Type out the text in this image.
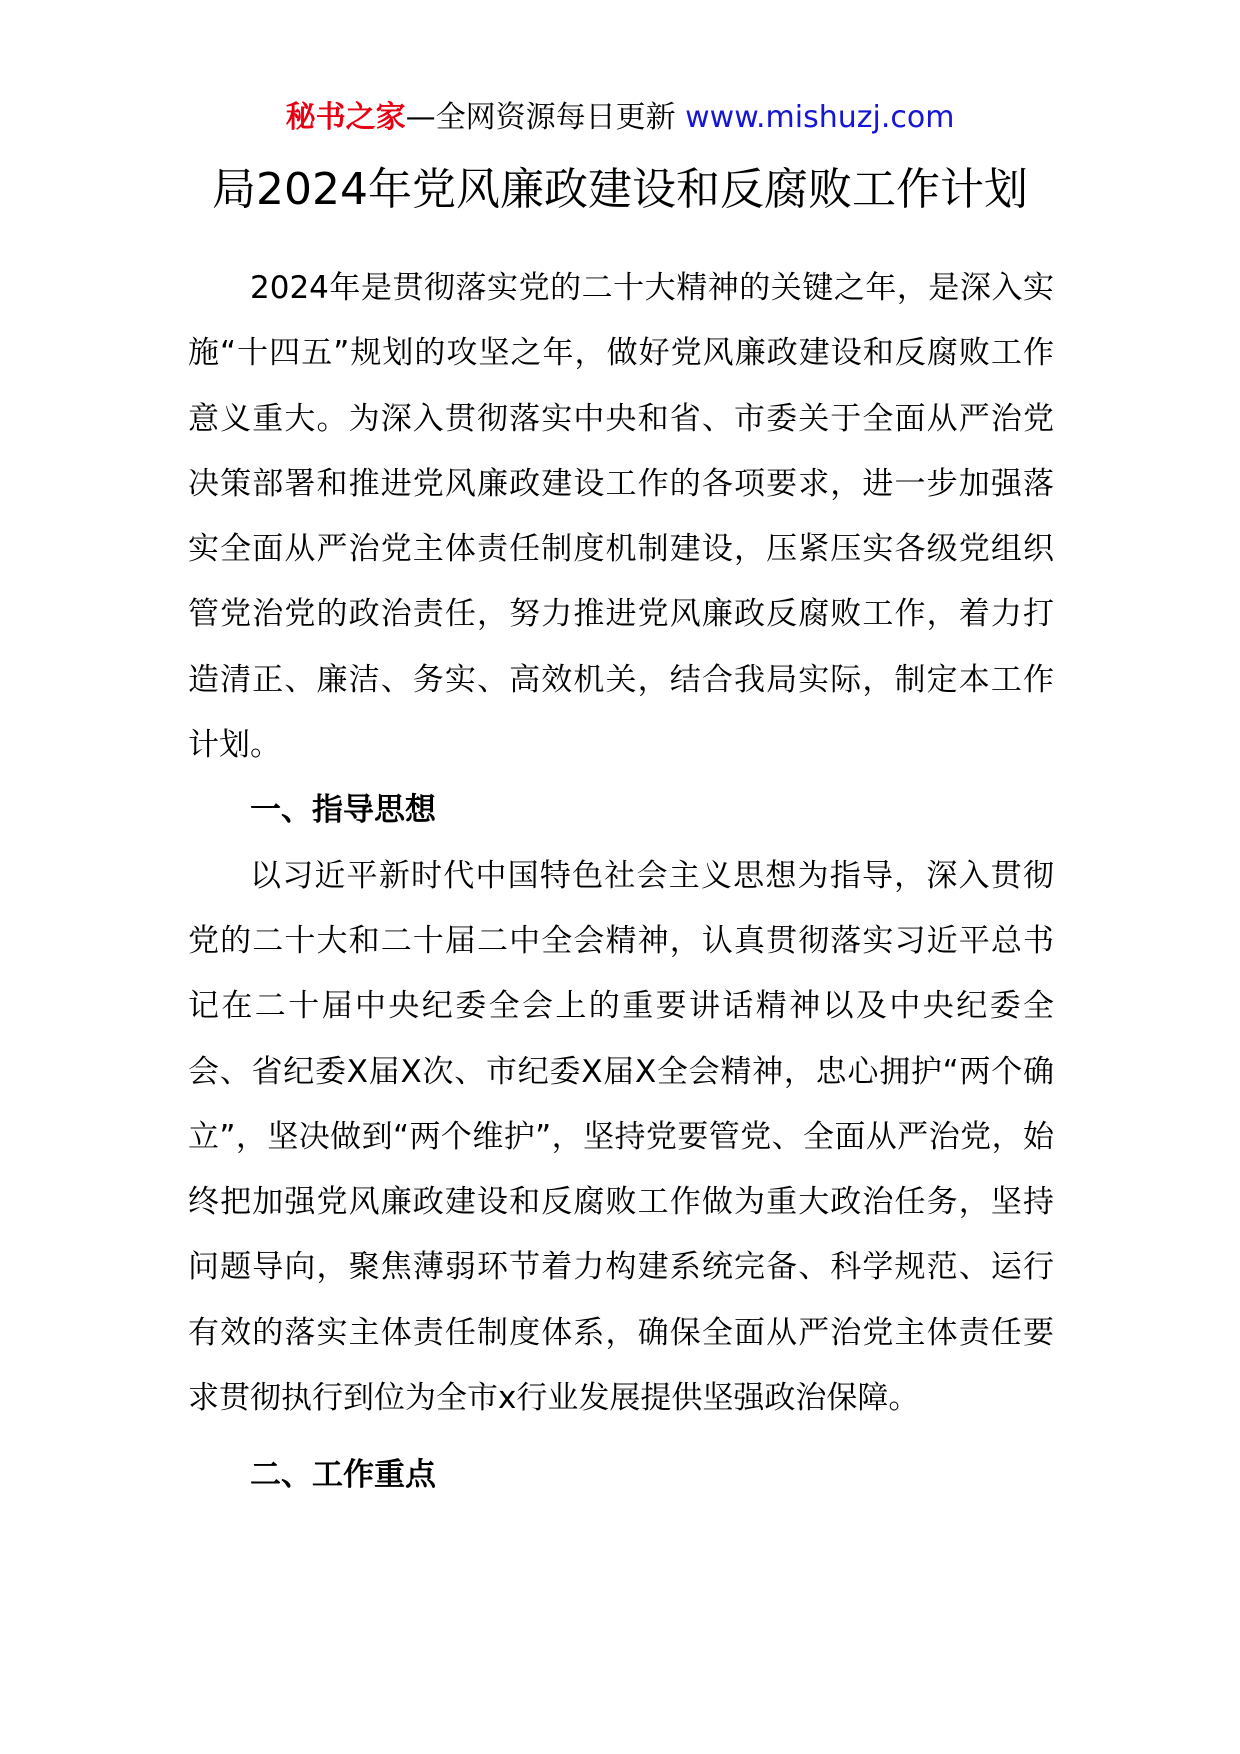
秘书之家—全网资源每日更新 www.mishuzj.com
局2024年党风廉政建设和反腐败工作计划

2024年是贯彻落实党的二十大精神的关键之年，是深入实施“十四五”规划的攻坚之年，做好党风廉政建设和反腐败工作意义重大。为深入贯彻落实中央和省、市委关于全面从严治党决策部署和推进党风廉政建设工作的各项要求，进一步加强落实全面从严治党主体责任制度机制建设，压紧压实各级党组织管党治党的政治责任，努力推进党风廉政反腐败工作，着力打造清正、廉洁、务实、高效机关，结合我局实际，制定本工作计划。

一、指导思想

以习近平新时代中国特色社会主义思想为指导，深入贯彻党的二十大和二十届二中全会精神，认真贯彻落实习近平总书记在二十届中央纪委全会上的重要讲话精神以及中央纪委全会、省纪委X届X次、市纪委X届X全会精神，忠心拥护“两个确立”，坚决做到“两个维护”，坚持党要管党、全面从严治党，始终把加强党风廉政建设和反腐败工作做为重大政治任务，坚持问题导向，聚焦薄弱环节着力构建系统完备、科学规范、运行有效的落实主体责任制度体系，确保全面从严治党主体责任要求贯彻执行到位为全市x行业发展提供坚强政治保障。

二、工作重点
